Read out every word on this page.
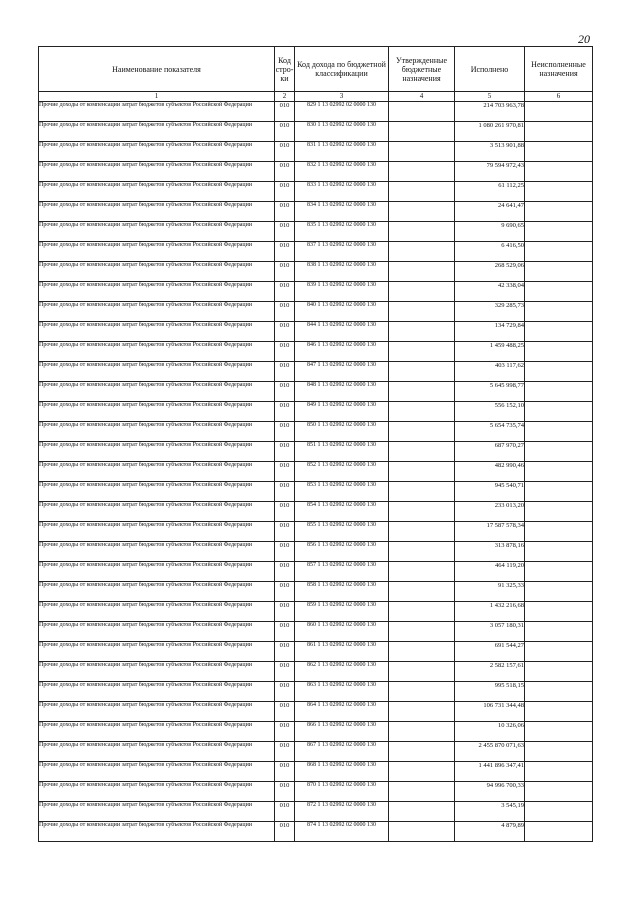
20
Наименование показателя	Код стро-ки	Код дохода по бюджетной классификации	Утвержденные бюджетные назначения	Исполнено	Неисполненные назначения
1	2	3	4	5	6
Прочие доходы от компенсации затрат бюджетов субъектов Российской Федерации	010	829 1 13 02992 02 0000 130		214 703 963,78	
Прочие доходы от компенсации затрат бюджетов субъектов Российской Федерации	010	830 1 13 02992 02 0000 130		1 080 261 970,81	
Прочие доходы от компенсации затрат бюджетов субъектов Российской Федерации	010	831 1 13 02992 02 0000 130		3 513 901,88	
Прочие доходы от компенсации затрат бюджетов субъектов Российской Федерации	010	832 1 13 02992 02 0000 130		79 594 972,43	
Прочие доходы от компенсации затрат бюджетов субъектов Российской Федерации	010	833 1 13 02992 02 0000 130		61 112,25	
Прочие доходы от компенсации затрат бюджетов субъектов Российской Федерации	010	834 1 13 02992 02 0000 130		24 641,47	
Прочие доходы от компенсации затрат бюджетов субъектов Российской Федерации	010	835 1 13 02992 02 0000 130		9 690,65	
Прочие доходы от компенсации затрат бюджетов субъектов Российской Федерации	010	837 1 13 02992 02 0000 130		6 416,50	
Прочие доходы от компенсации затрат бюджетов субъектов Российской Федерации	010	838 1 13 02992 02 0000 130		268 529,06	
Прочие доходы от компенсации затрат бюджетов субъектов Российской Федерации	010	839 1 13 02992 02 0000 130		42 338,04	
Прочие доходы от компенсации затрат бюджетов субъектов Российской Федерации	010	840 1 13 02992 02 0000 130		329 285,73	
Прочие доходы от компенсации затрат бюджетов субъектов Российской Федерации	010	844 1 13 02992 02 0000 130		134 729,84	
Прочие доходы от компенсации затрат бюджетов субъектов Российской Федерации	010	846 1 13 02992 02 0000 130		1 459 488,25	
Прочие доходы от компенсации затрат бюджетов субъектов Российской Федерации	010	847 1 13 02992 02 0000 130		403 117,62	
Прочие доходы от компенсации затрат бюджетов субъектов Российской Федерации	010	848 1 13 02992 02 0000 130		5 645 998,77	
Прочие доходы от компенсации затрат бюджетов субъектов Российской Федерации	010	849 1 13 02992 02 0000 130		556 152,10	
Прочие доходы от компенсации затрат бюджетов субъектов Российской Федерации	010	850 1 13 02992 02 0000 130		5 654 735,74	
Прочие доходы от компенсации затрат бюджетов субъектов Российской Федерации	010	851 1 13 02992 02 0000 130		687 970,27	
Прочие доходы от компенсации затрат бюджетов субъектов Российской Федерации	010	852 1 13 02992 02 0000 130		482 990,46	
Прочие доходы от компенсации затрат бюджетов субъектов Российской Федерации	010	853 1 13 02992 02 0000 130		945 540,71	
Прочие доходы от компенсации затрат бюджетов субъектов Российской Федерации	010	854 1 13 02992 02 0000 130		233 013,20	
Прочие доходы от компенсации затрат бюджетов субъектов Российской Федерации	010	855 1 13 02992 02 0000 130		17 587 578,34	
Прочие доходы от компенсации затрат бюджетов субъектов Российской Федерации	010	856 1 13 02992 02 0000 130		313 878,16	
Прочие доходы от компенсации затрат бюджетов субъектов Российской Федерации	010	857 1 13 02992 02 0000 130		464 119,20	
Прочие доходы от компенсации затрат бюджетов субъектов Российской Федерации	010	858 1 13 02992 02 0000 130		91 325,33	
Прочие доходы от компенсации затрат бюджетов субъектов Российской Федерации	010	859 1 13 02992 02 0000 130		1 432 216,68	
Прочие доходы от компенсации затрат бюджетов субъектов Российской Федерации	010	860 1 13 02992 02 0000 130		3 057 180,31	
Прочие доходы от компенсации затрат бюджетов субъектов Российской Федерации	010	861 1 13 02992 02 0000 130		691 544,27	
Прочие доходы от компенсации затрат бюджетов субъектов Российской Федерации	010	862 1 13 02992 02 0000 130		2 582 157,61	
Прочие доходы от компенсации затрат бюджетов субъектов Российской Федерации	010	863 1 13 02992 02 0000 130		995 518,15	
Прочие доходы от компенсации затрат бюджетов субъектов Российской Федерации	010	864 1 13 02992 02 0000 130		106 731 344,48	
Прочие доходы от компенсации затрат бюджетов субъектов Российской Федерации	010	866 1 13 02992 02 0000 130		10 326,06	
Прочие доходы от компенсации затрат бюджетов субъектов Российской Федерации	010	867 1 13 02992 02 0000 130		2 455 870 071,63	
Прочие доходы от компенсации затрат бюджетов субъектов Российской Федерации	010	868 1 13 02992 02 0000 130		1 441 896 347,41	
Прочие доходы от компенсации затрат бюджетов субъектов Российской Федерации	010	870 1 13 02992 02 0000 130		94 996 700,33	
Прочие доходы от компенсации затрат бюджетов субъектов Российской Федерации	010	872 1 13 02992 02 0000 130		3 545,19	
Прочие доходы от компенсации затрат бюджетов субъектов Российской Федерации	010	874 1 13 02992 02 0000 130		4 879,89	
